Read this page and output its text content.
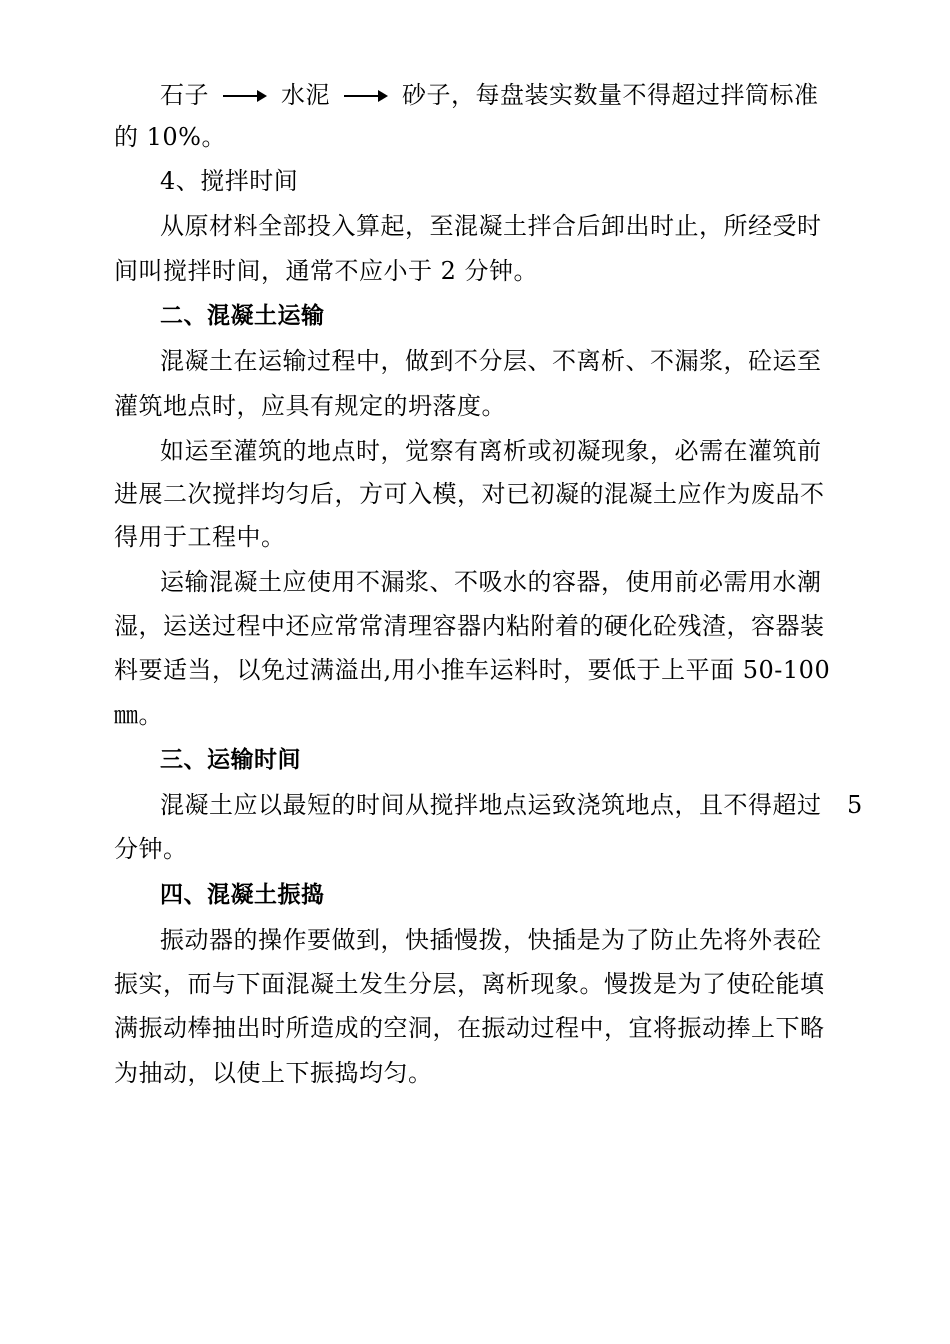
石子	水泥	砂子，每盘装实数量不得超过拌筒标准
的 10%。
4、搅拌时间
从原材料全部投入算起，至混凝土拌合后卸出时止，所经受时
间叫搅拌时间，通常不应小于 2 分钟。
二、混凝土运输
混凝土在运输过程中，做到不分层、不离析、不漏浆，砼运至
灌筑地点时，应具有规定的坍落度。
如运至灌筑的地点时，觉察有离析或初凝现象，必需在灌筑前
进展二次搅拌均匀后，方可入模，对已初凝的混凝土应作为废品不
得用于工程中。
运输混凝土应使用不漏浆、不吸水的容器，使用前必需用水潮
湿，运送过程中还应常常清理容器内粘附着的硬化砼残渣，容器装
料要适当，以免过满溢出,用小推车运料时，要低于上平面 50-100
㎜。
三、运输时间
混凝土应以最短的时间从搅拌地点运致浇筑地点，且不得超过 5
分钟。
四、混凝土振捣
振动器的操作要做到，快插慢拨，快插是为了防止先将外表砼
振实，而与下面混凝土发生分层，离析现象。慢拨是为了使砼能填
满振动棒抽出时所造成的空洞，在振动过程中，宜将振动捧上下略
为抽动，以使上下振捣均匀。
